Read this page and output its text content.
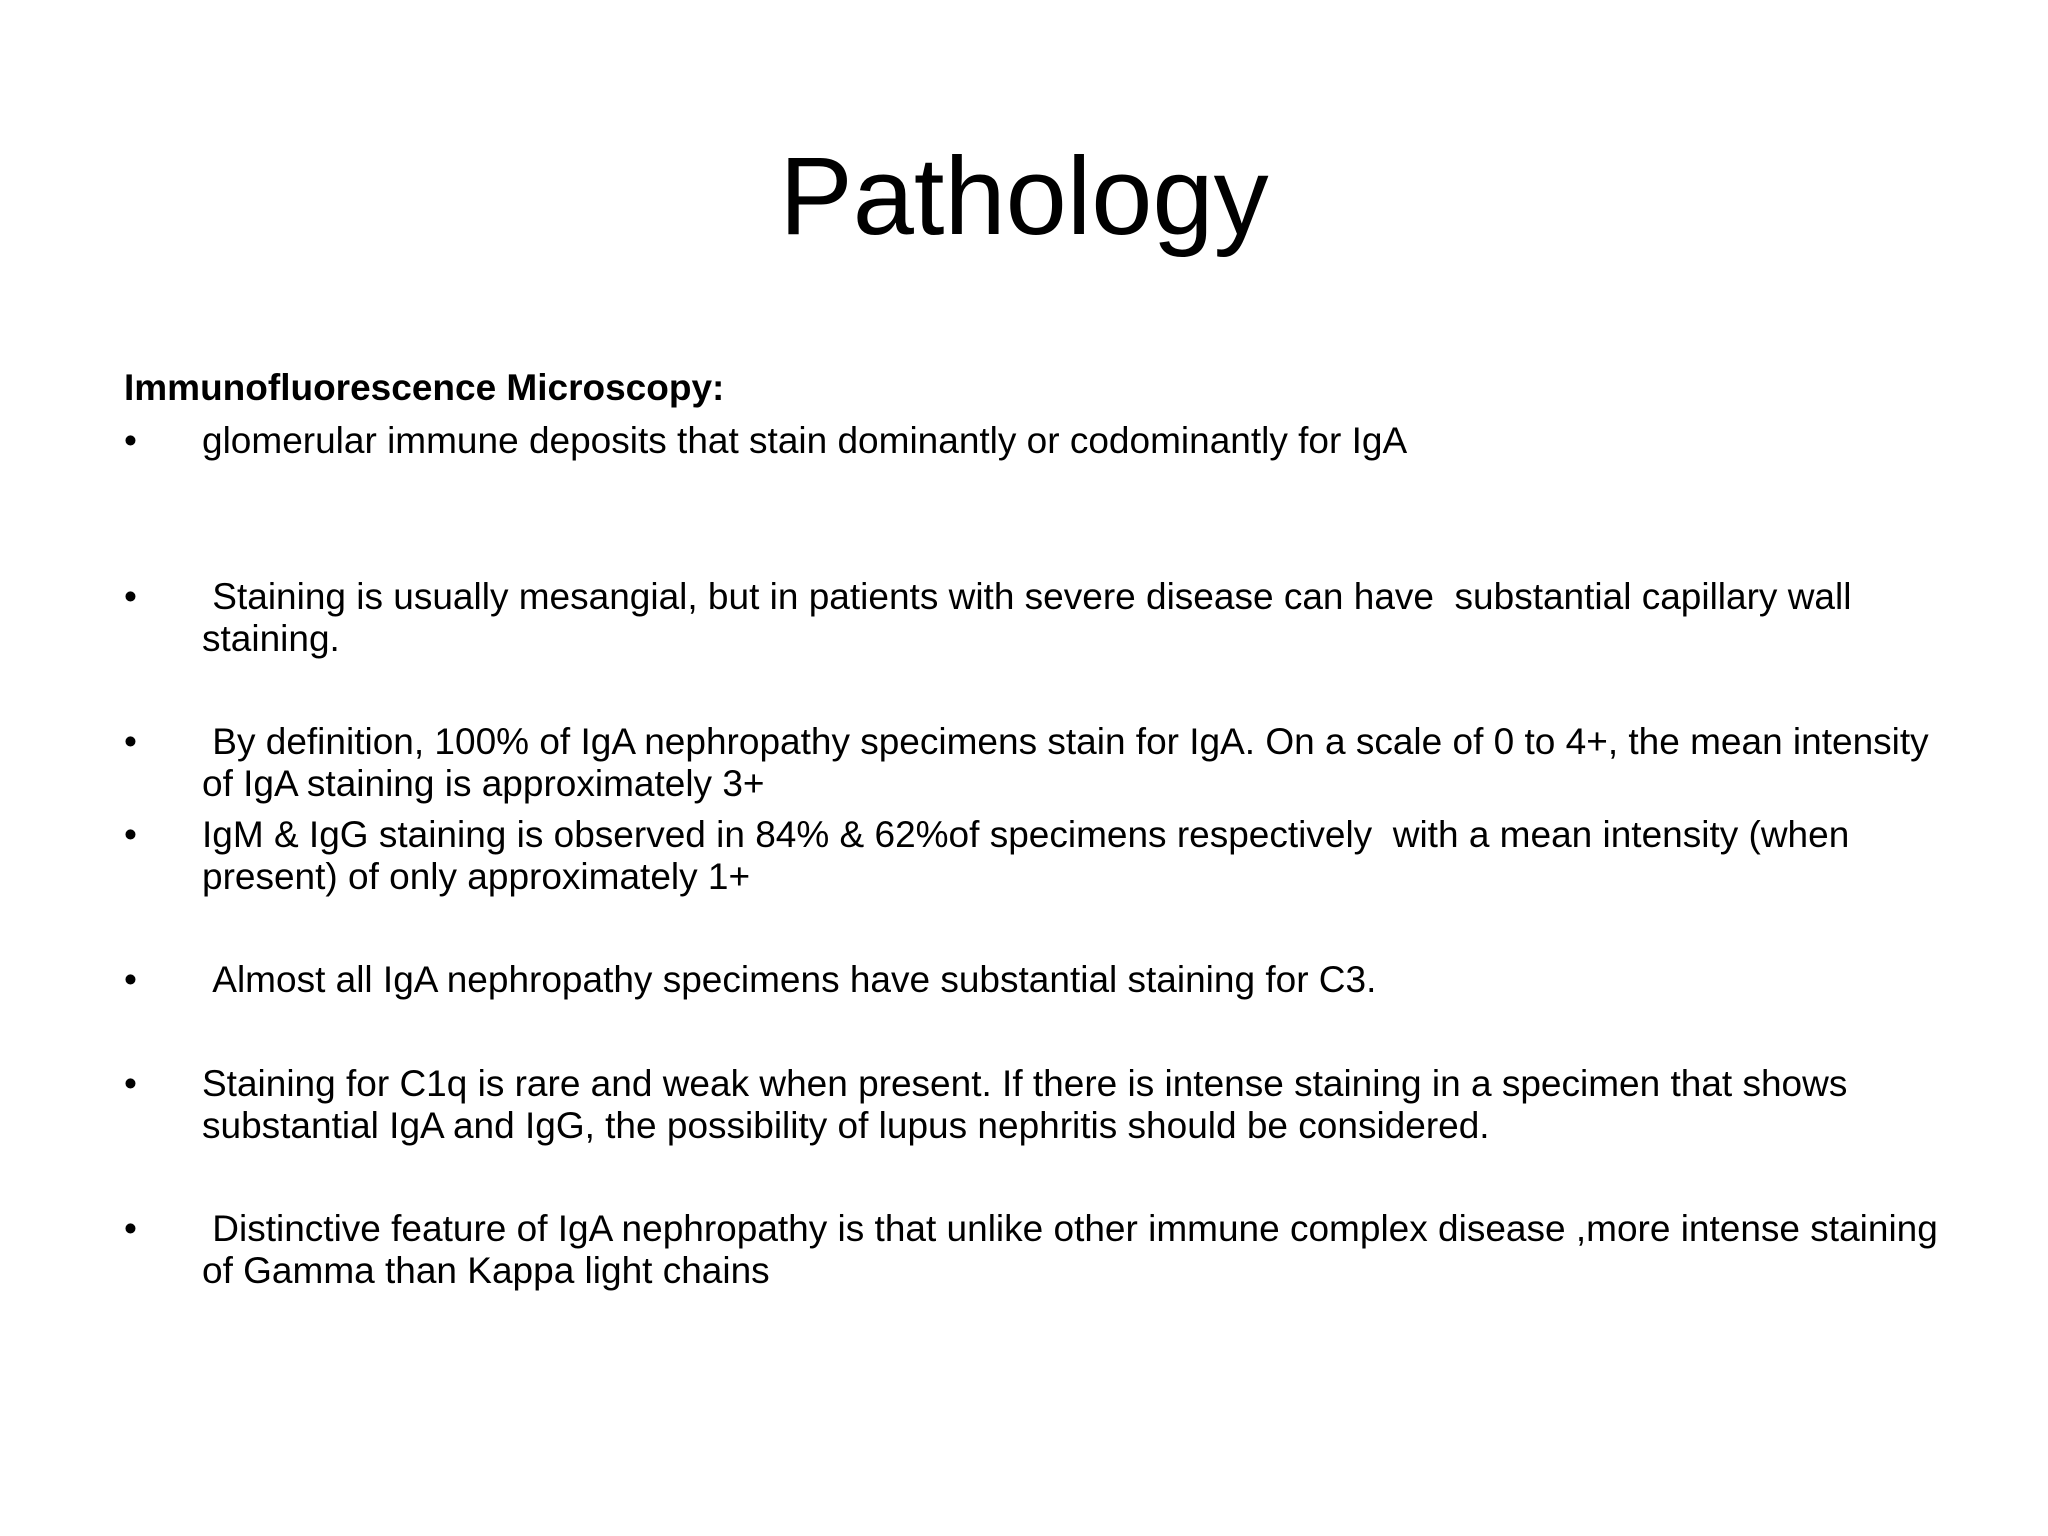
Pathology
Immunofluorescence Microscopy:
•	glomerular immune deposits that stain dominantly or codominantly for IgA
•	Staining is usually mesangial, but in patients with severe disease can have  substantial capillary wall staining.
•	By definition, 100% of IgA nephropathy specimens stain for IgA. On a scale of 0 to 4+, the mean intensity of IgA staining is approximately 3+
•	IgM & IgG staining is observed in 84% & 62%of specimens respectively  with a mean intensity (when present) of only approximately 1+
•	Almost all IgA nephropathy specimens have substantial staining for C3.
•	Staining for C1q is rare and weak when present. If there is intense staining in a specimen that shows substantial IgA and IgG, the possibility of lupus nephritis should be considered.
•	Distinctive feature of IgA nephropathy is that unlike other immune complex disease ,more intense staining of Gamma than Kappa light chains
